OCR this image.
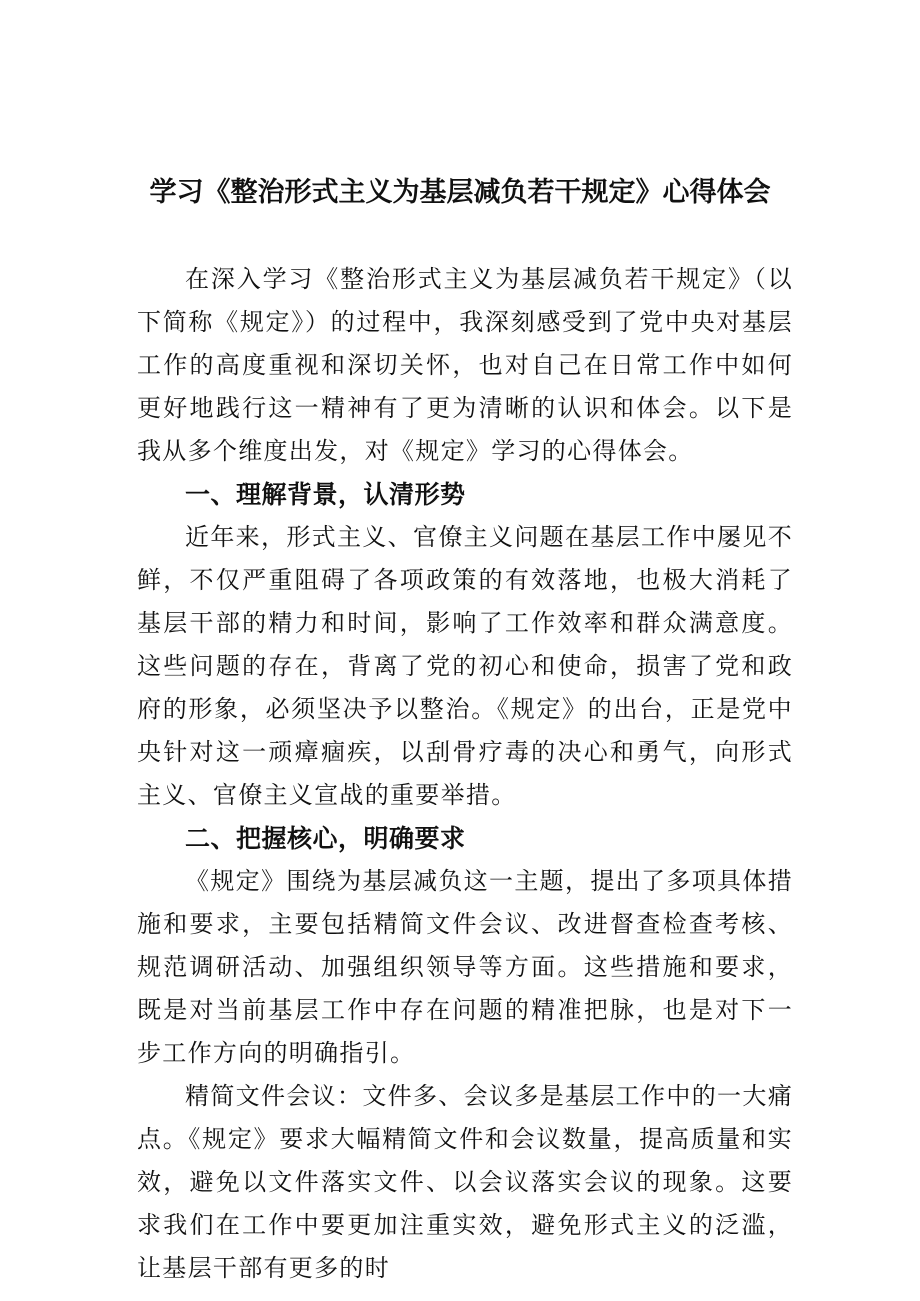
学习《整治形式主义为基层减负若干规定》心得体会

在深入学习《整治形式主义为基层减负若干规定》（以下简称《规定》）的过程中，我深刻感受到了党中央对基层工作的高度重视和深切关怀，也对自己在日常工作中如何更好地践行这一精神有了更为清晰的认识和体会。以下是我从多个维度出发，对《规定》学习的心得体会。

一、理解背景，认清形势

近年来，形式主义、官僚主义问题在基层工作中屡见不鲜，不仅严重阻碍了各项政策的有效落地，也极大消耗了基层干部的精力和时间，影响了工作效率和群众满意度。这些问题的存在，背离了党的初心和使命，损害了党和政府的形象，必须坚决予以整治。《规定》的出台，正是党中央针对这一顽瘴痼疾，以刮骨疗毒的决心和勇气，向形式主义、官僚主义宣战的重要举措。

二、把握核心，明确要求

《规定》围绕为基层减负这一主题，提出了多项具体措施和要求，主要包括精简文件会议、改进督查检查考核、规范调研活动、加强组织领导等方面。这些措施和要求，既是对当前基层工作中存在问题的精准把脉，也是对下一步工作方向的明确指引。

精简文件会议：文件多、会议多是基层工作中的一大痛点。《规定》要求大幅精简文件和会议数量，提高质量和实效，避免以文件落实文件、以会议落实会议的现象。这要求我们在工作中要更加注重实效，避免形式主义的泛滥，让基层干部有更多的时
